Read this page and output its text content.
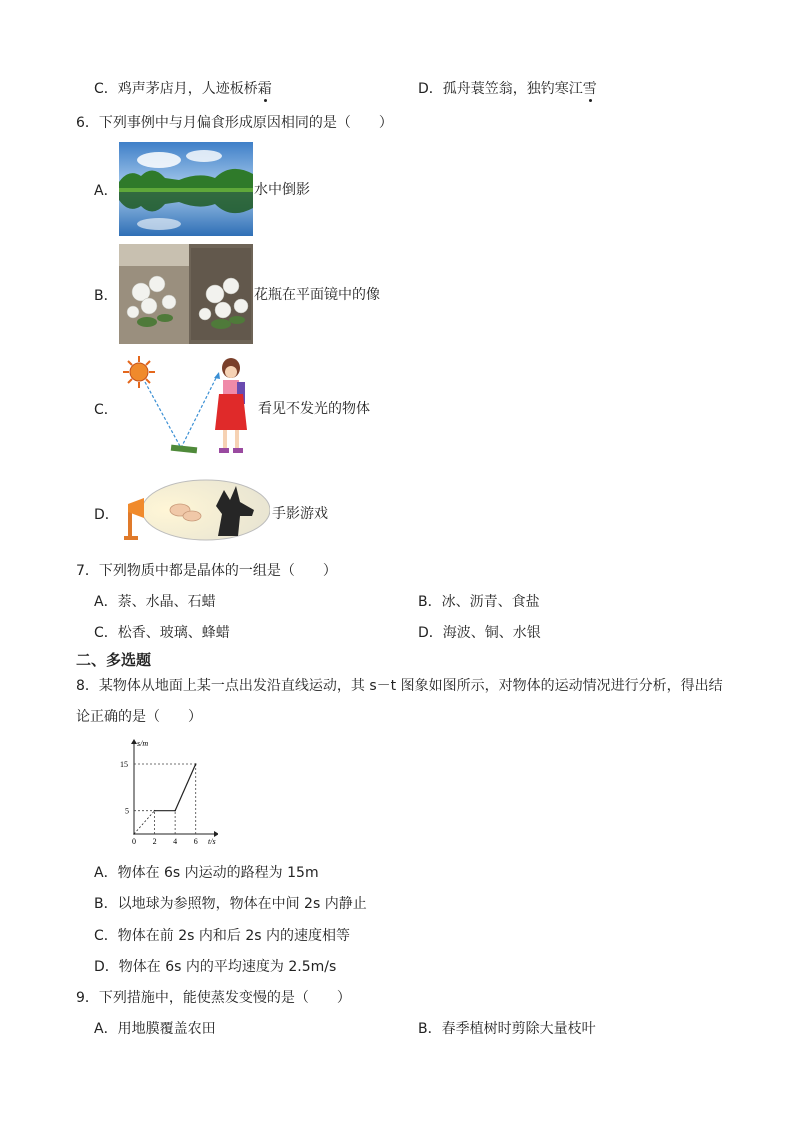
C．鸡声茅店月，人迹板桥霜	D．孤舟蓑笠翁，独钓寒江雪
6．下列事例中与月偏食形成原因相同的是（　　）
A．	水中倒影
B．	花瓶在平面镜中的像
C．	看见不发光的物体
D．	手影游戏
7．下列物质中都是晶体的一组是（　　）
A．萘、水晶、石蜡	B．冰、沥青、食盐
C．松香、玻璃、蜂蜡	D．海波、铜、水银
二、多选题
8．某物体从地面上某一点出发沿直线运动，其 s－t 图象如图所示，对物体的运动情况进行分析，得出结
论正确的是（　　）
s/m
t/s
0 2 4 6
5
15
A．物体在 6s 内运动的路程为 15m
B．以地球为参照物，物体在中间 2s 内静止
C．物体在前 2s 内和后 2s 内的速度相等
D．物体在 6s 内的平均速度为 2.5m/s
9．下列措施中，能使蒸发变慢的是（　　）
A．用地膜覆盖农田	B．春季植树时剪除大量枝叶
